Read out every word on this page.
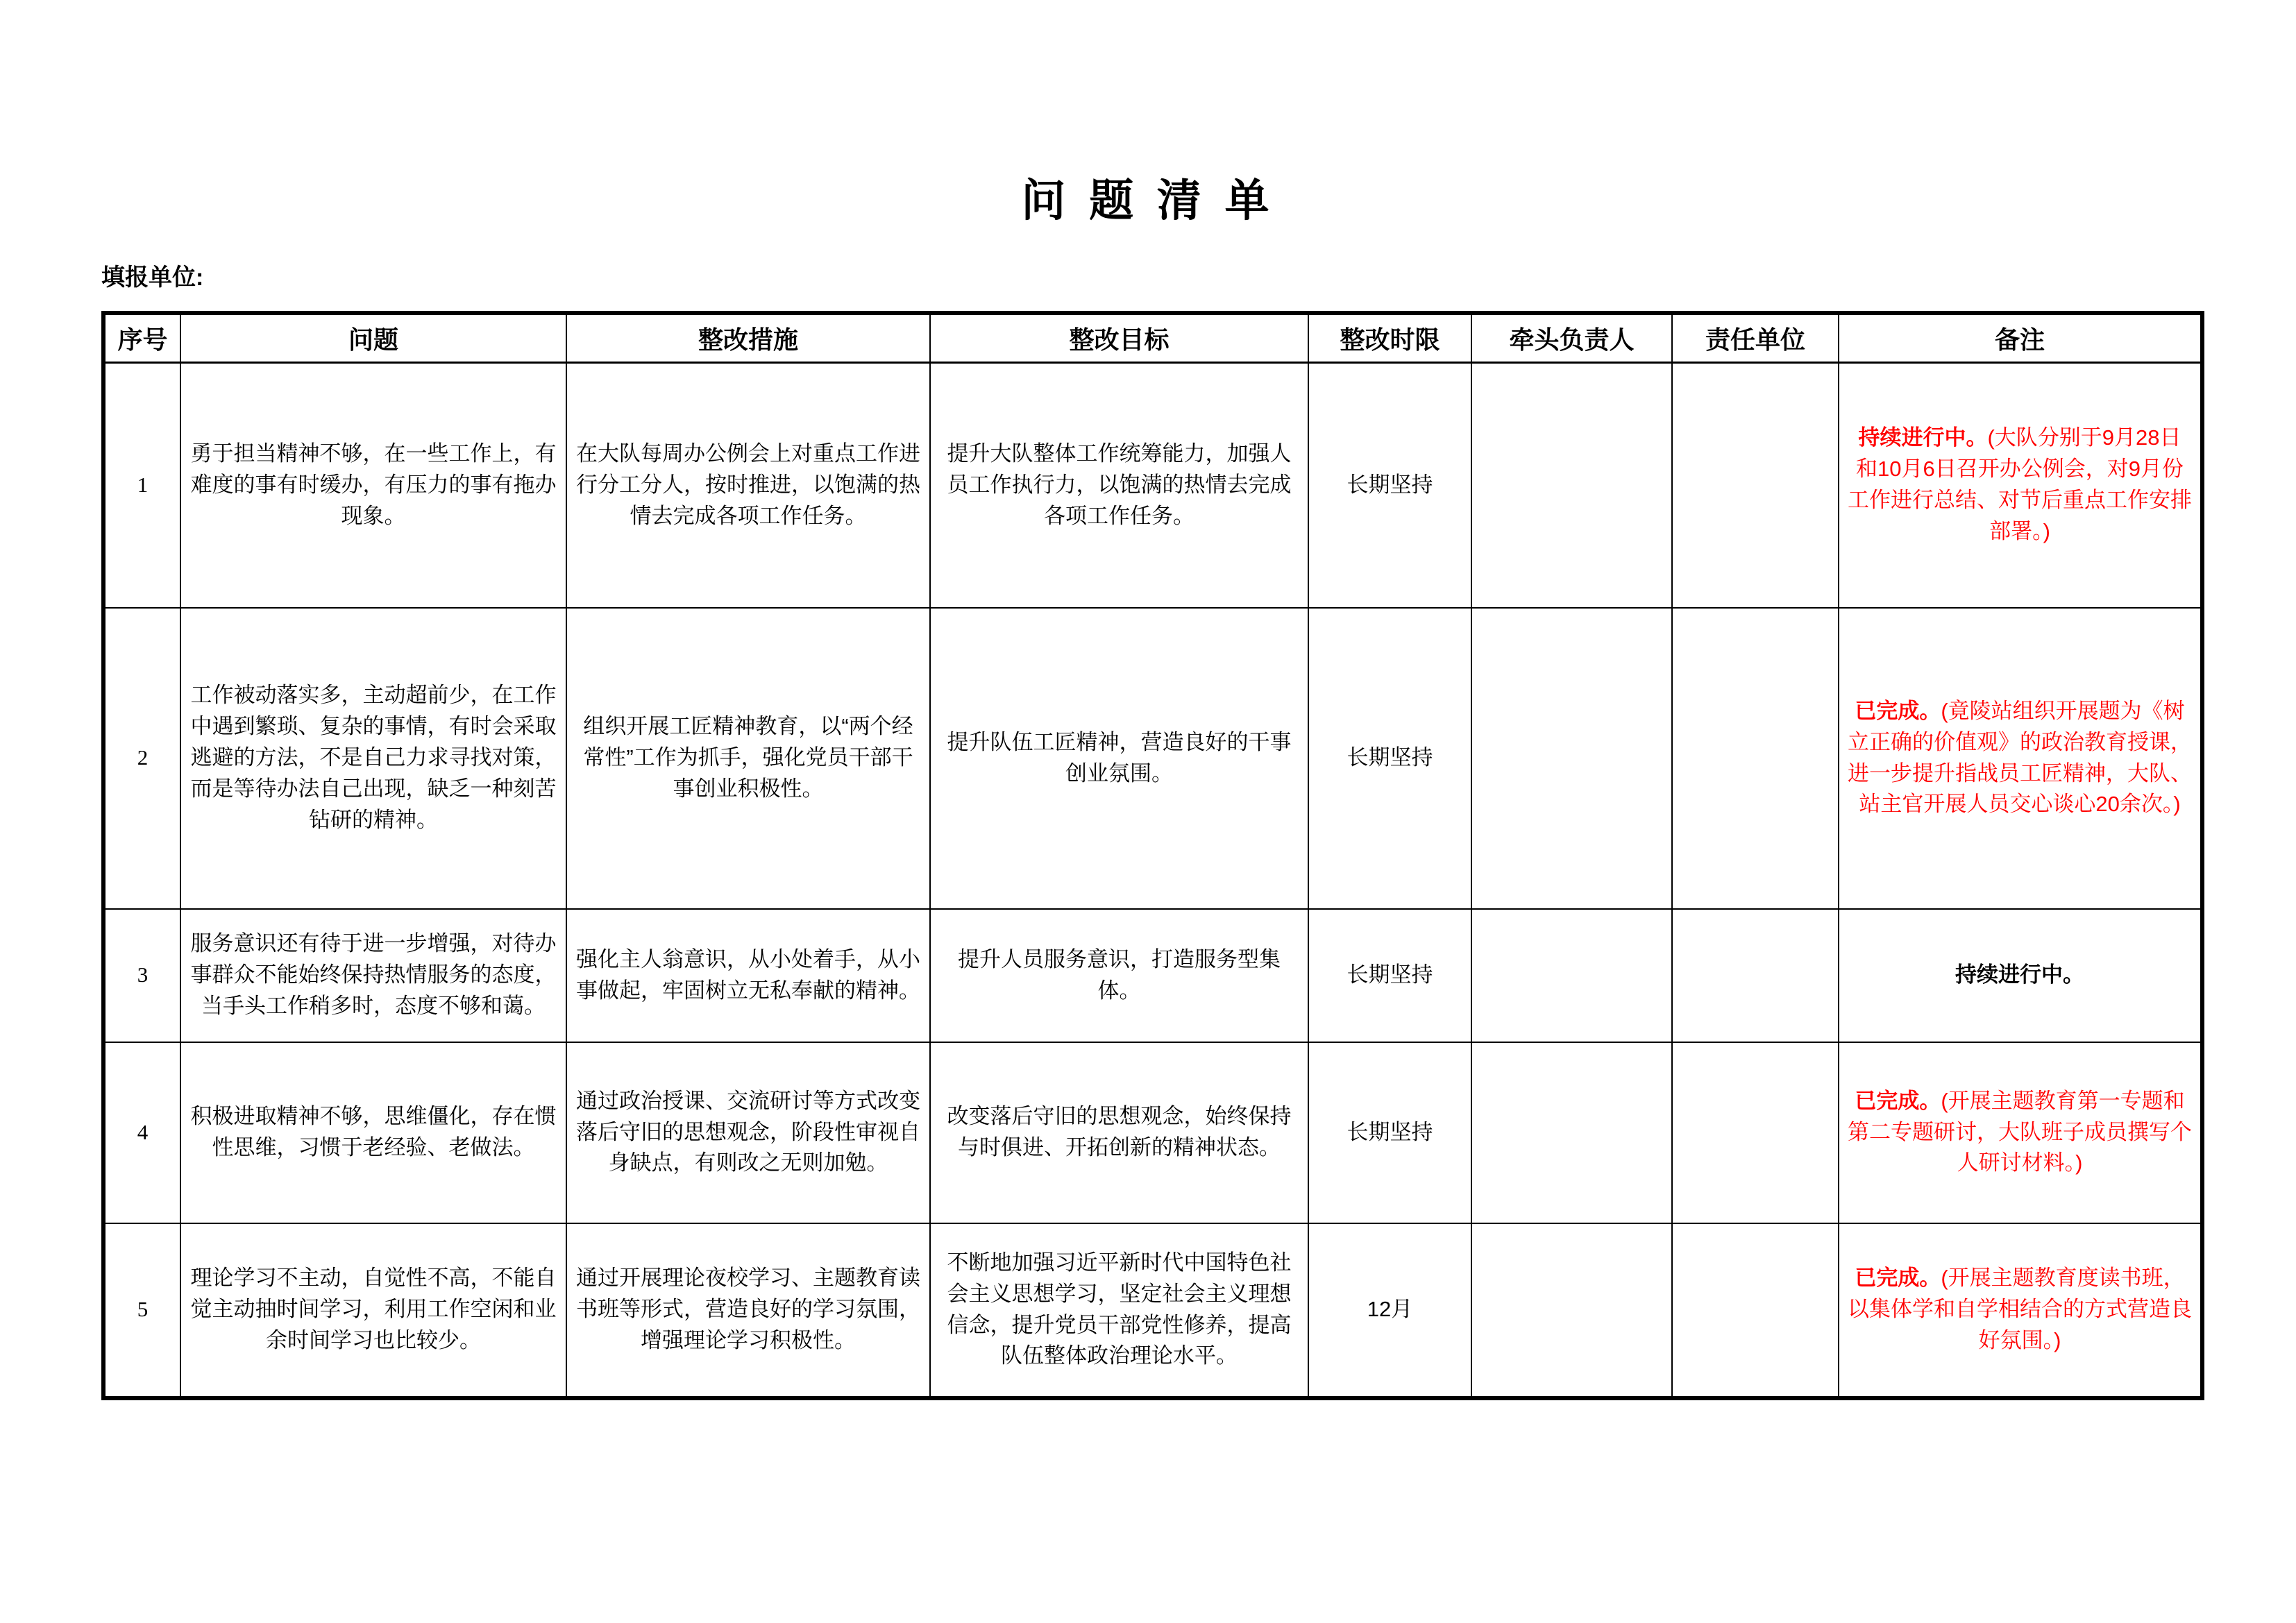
问 题 清 单
填报单位:
序号	问题	整改措施	整改目标	整改时限	牵头负责人	责任单位	备注
1	勇于担当精神不够，在一些工作上，有难度的事有时缓办，有压力的事有拖办现象。	在大队每周办公例会上对重点工作进行分工分人，按时推进，以饱满的热情去完成各项工作任务。	提升大队整体工作统筹能力，加强人员工作执行力，以饱满的热情去完成各项工作任务。	长期坚持			持续进行中。(大队分别于9月28日和10月6日召开办公例会，对9月份工作进行总结、对节后重点工作安排部署。)
2	工作被动落实多，主动超前少，在工作中遇到繁琐、复杂的事情，有时会采取逃避的方法，不是自己力求寻找对策，而是等待办法自己出现，缺乏一种刻苦钻研的精神。	组织开展工匠精神教育，以“两个经常性”工作为抓手，强化党员干部干事创业积极性。	提升队伍工匠精神，营造良好的干事创业氛围。	长期坚持			已完成。(竟陵站组织开展题为《树立正确的价值观》的政治教育授课，进一步提升指战员工匠精神，大队、站主官开展人员交心谈心20余次。)
3	服务意识还有待于进一步增强，对待办事群众不能始终保持热情服务的态度，当手头工作稍多时，态度不够和蔼。	强化主人翁意识，从小处着手，从小事做起，牢固树立无私奉献的精神。	提升人员服务意识，打造服务型集体。	长期坚持			持续进行中。
4	积极进取精神不够，思维僵化，存在惯性思维，习惯于老经验、老做法。	通过政治授课、交流研讨等方式改变落后守旧的思想观念，阶段性审视自身缺点，有则改之无则加勉。	改变落后守旧的思想观念，始终保持与时俱进、开拓创新的精神状态。	长期坚持			已完成。(开展主题教育第一专题和第二专题研讨，大队班子成员撰写个人研讨材料。)
5	理论学习不主动，自觉性不高，不能自觉主动抽时间学习，利用工作空闲和业余时间学习也比较少。	通过开展理论夜校学习、主题教育读书班等形式，营造良好的学习氛围，增强理论学习积极性。	不断地加强习近平新时代中国特色社会主义思想学习，坚定社会主义理想信念，提升党员干部党性修养，提高队伍整体政治理论水平。	12月			已完成。(开展主题教育度读书班，以集体学和自学相结合的方式营造良好氛围。)
